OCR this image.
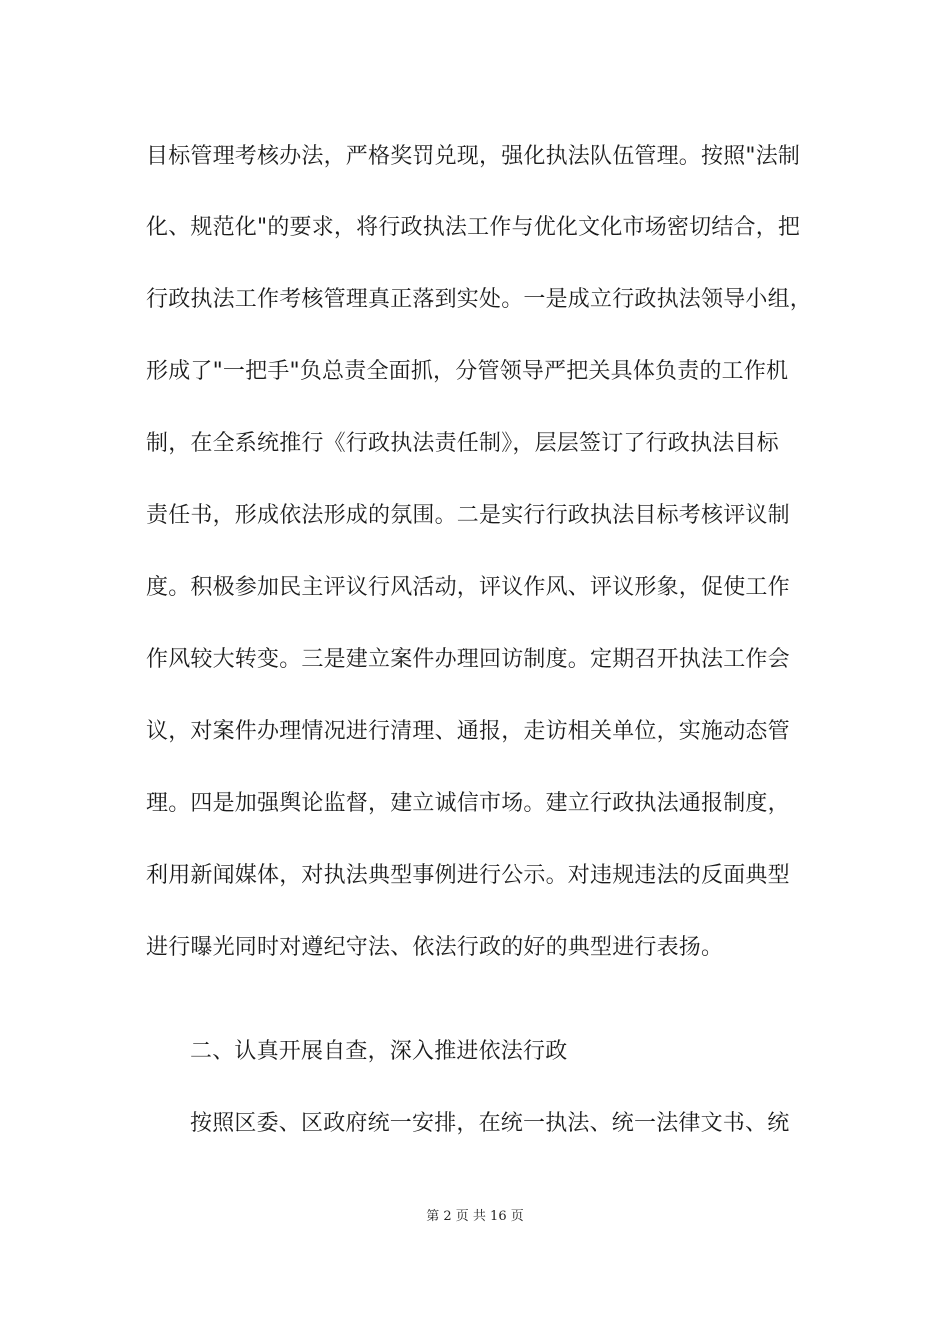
目标管理考核办法，严格奖罚兑现，强化执法队伍管理。按照"法制
化、规范化"的要求，将行政执法工作与优化文化市场密切结合，把
行政执法工作考核管理真正落到实处。一是成立行政执法领导小组，
形成了"一把手"负总责全面抓，分管领导严把关具体负责的工作机
制，在全系统推行《行政执法责任制》，层层签订了行政执法目标
责任书，形成依法形成的氛围。二是实行行政执法目标考核评议制
度。积极参加民主评议行风活动，评议作风、评议形象，促使工作
作风较大转变。三是建立案件办理回访制度。定期召开执法工作会
议，对案件办理情况进行清理、通报，走访相关单位，实施动态管
理。四是加强舆论监督，建立诚信市场。建立行政执法通报制度，
利用新闻媒体，对执法典型事例进行公示。对违规违法的反面典型
进行曝光同时对遵纪守法、依法行政的好的典型进行表扬。
二、认真开展自查，深入推进依法行政
按照区委、区政府统一安排，在统一执法、统一法律文书、统
第 2 页 共 16 页
